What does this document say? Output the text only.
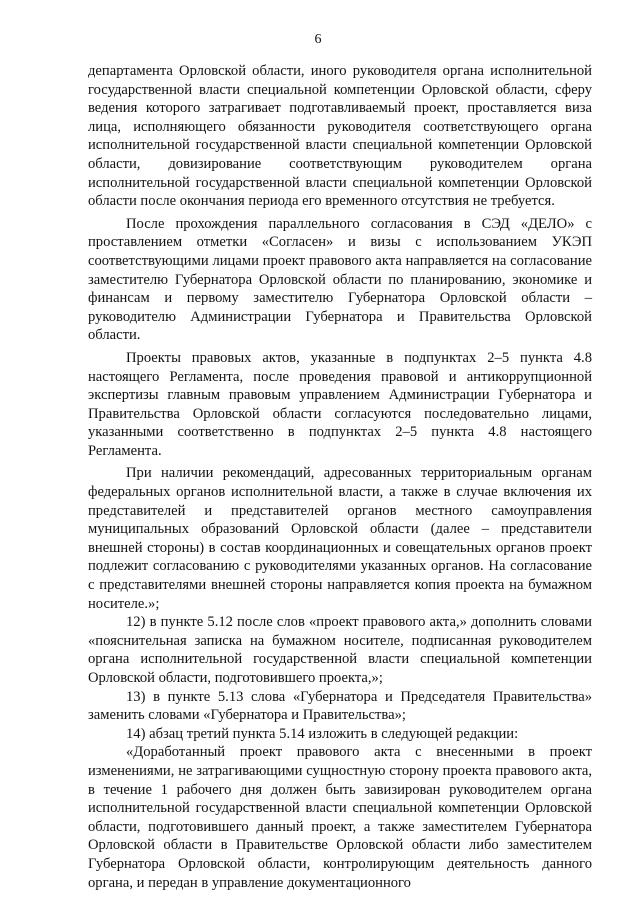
6

департамента Орловской области, иного руководителя органа исполнительной государственной власти специальной компетенции Орловской области, сферу ведения которого затрагивает подготавливаемый проект, проставляется виза лица, исполняющего обязанности руководителя соответствующего органа исполнительной государственной власти специальной компетенции Орловской области, довизирование соответствующим руководителем органа исполнительной государственной власти специальной компетенции Орловской области после окончания периода его временного отсутствия не требуется.

После прохождения параллельного согласования в СЭД «ДЕЛО» с проставлением отметки «Согласен» и визы с использованием УКЭП соответствующими лицами проект правового акта направляется на согласование заместителю Губернатора Орловской области по планированию, экономике и финансам и первому заместителю Губернатора Орловской области – руководителю Администрации Губернатора и Правительства Орловской области.

Проекты правовых актов, указанные в подпунктах 2–5 пункта 4.8 настоящего Регламента, после проведения правовой и антикоррупционной экспертизы главным правовым управлением Администрации Губернатора и Правительства Орловской области согласуются последовательно лицами, указанными соответственно в подпунктах 2–5 пункта 4.8 настоящего Регламента.

При наличии рекомендаций, адресованных территориальным органам федеральных органов исполнительной власти, а также в случае включения их представителей и представителей органов местного самоуправления муниципальных образований Орловской области (далее – представители внешней стороны) в состав координационных и совещательных органов проект подлежит согласованию с руководителями указанных органов. На согласование с представителями внешней стороны направляется копия проекта на бумажном носителе.»;

12) в пункте 5.12 после слов «проект правового акта,» дополнить словами «пояснительная записка на бумажном носителе, подписанная руководителем органа исполнительной государственной власти специальной компетенции Орловской области, подготовившего проекта,»;

13) в пункте 5.13 слова «Губернатора и Председателя Правительства» заменить словами «Губернатора и Правительства»;

14) абзац третий пункта 5.14 изложить в следующей редакции:

«Доработанный проект правового акта с внесенными в проект изменениями, не затрагивающими сущностную сторону проекта правового акта, в течение 1 рабочего дня должен быть завизирован руководителем органа исполнительной государственной власти специальной компетенции Орловской области, подготовившего данный проект, а также заместителем Губернатора Орловской области в Правительстве Орловской области либо заместителем Губернатора Орловской области, контролирующим деятельность данного органа, и передан в управление документационного
